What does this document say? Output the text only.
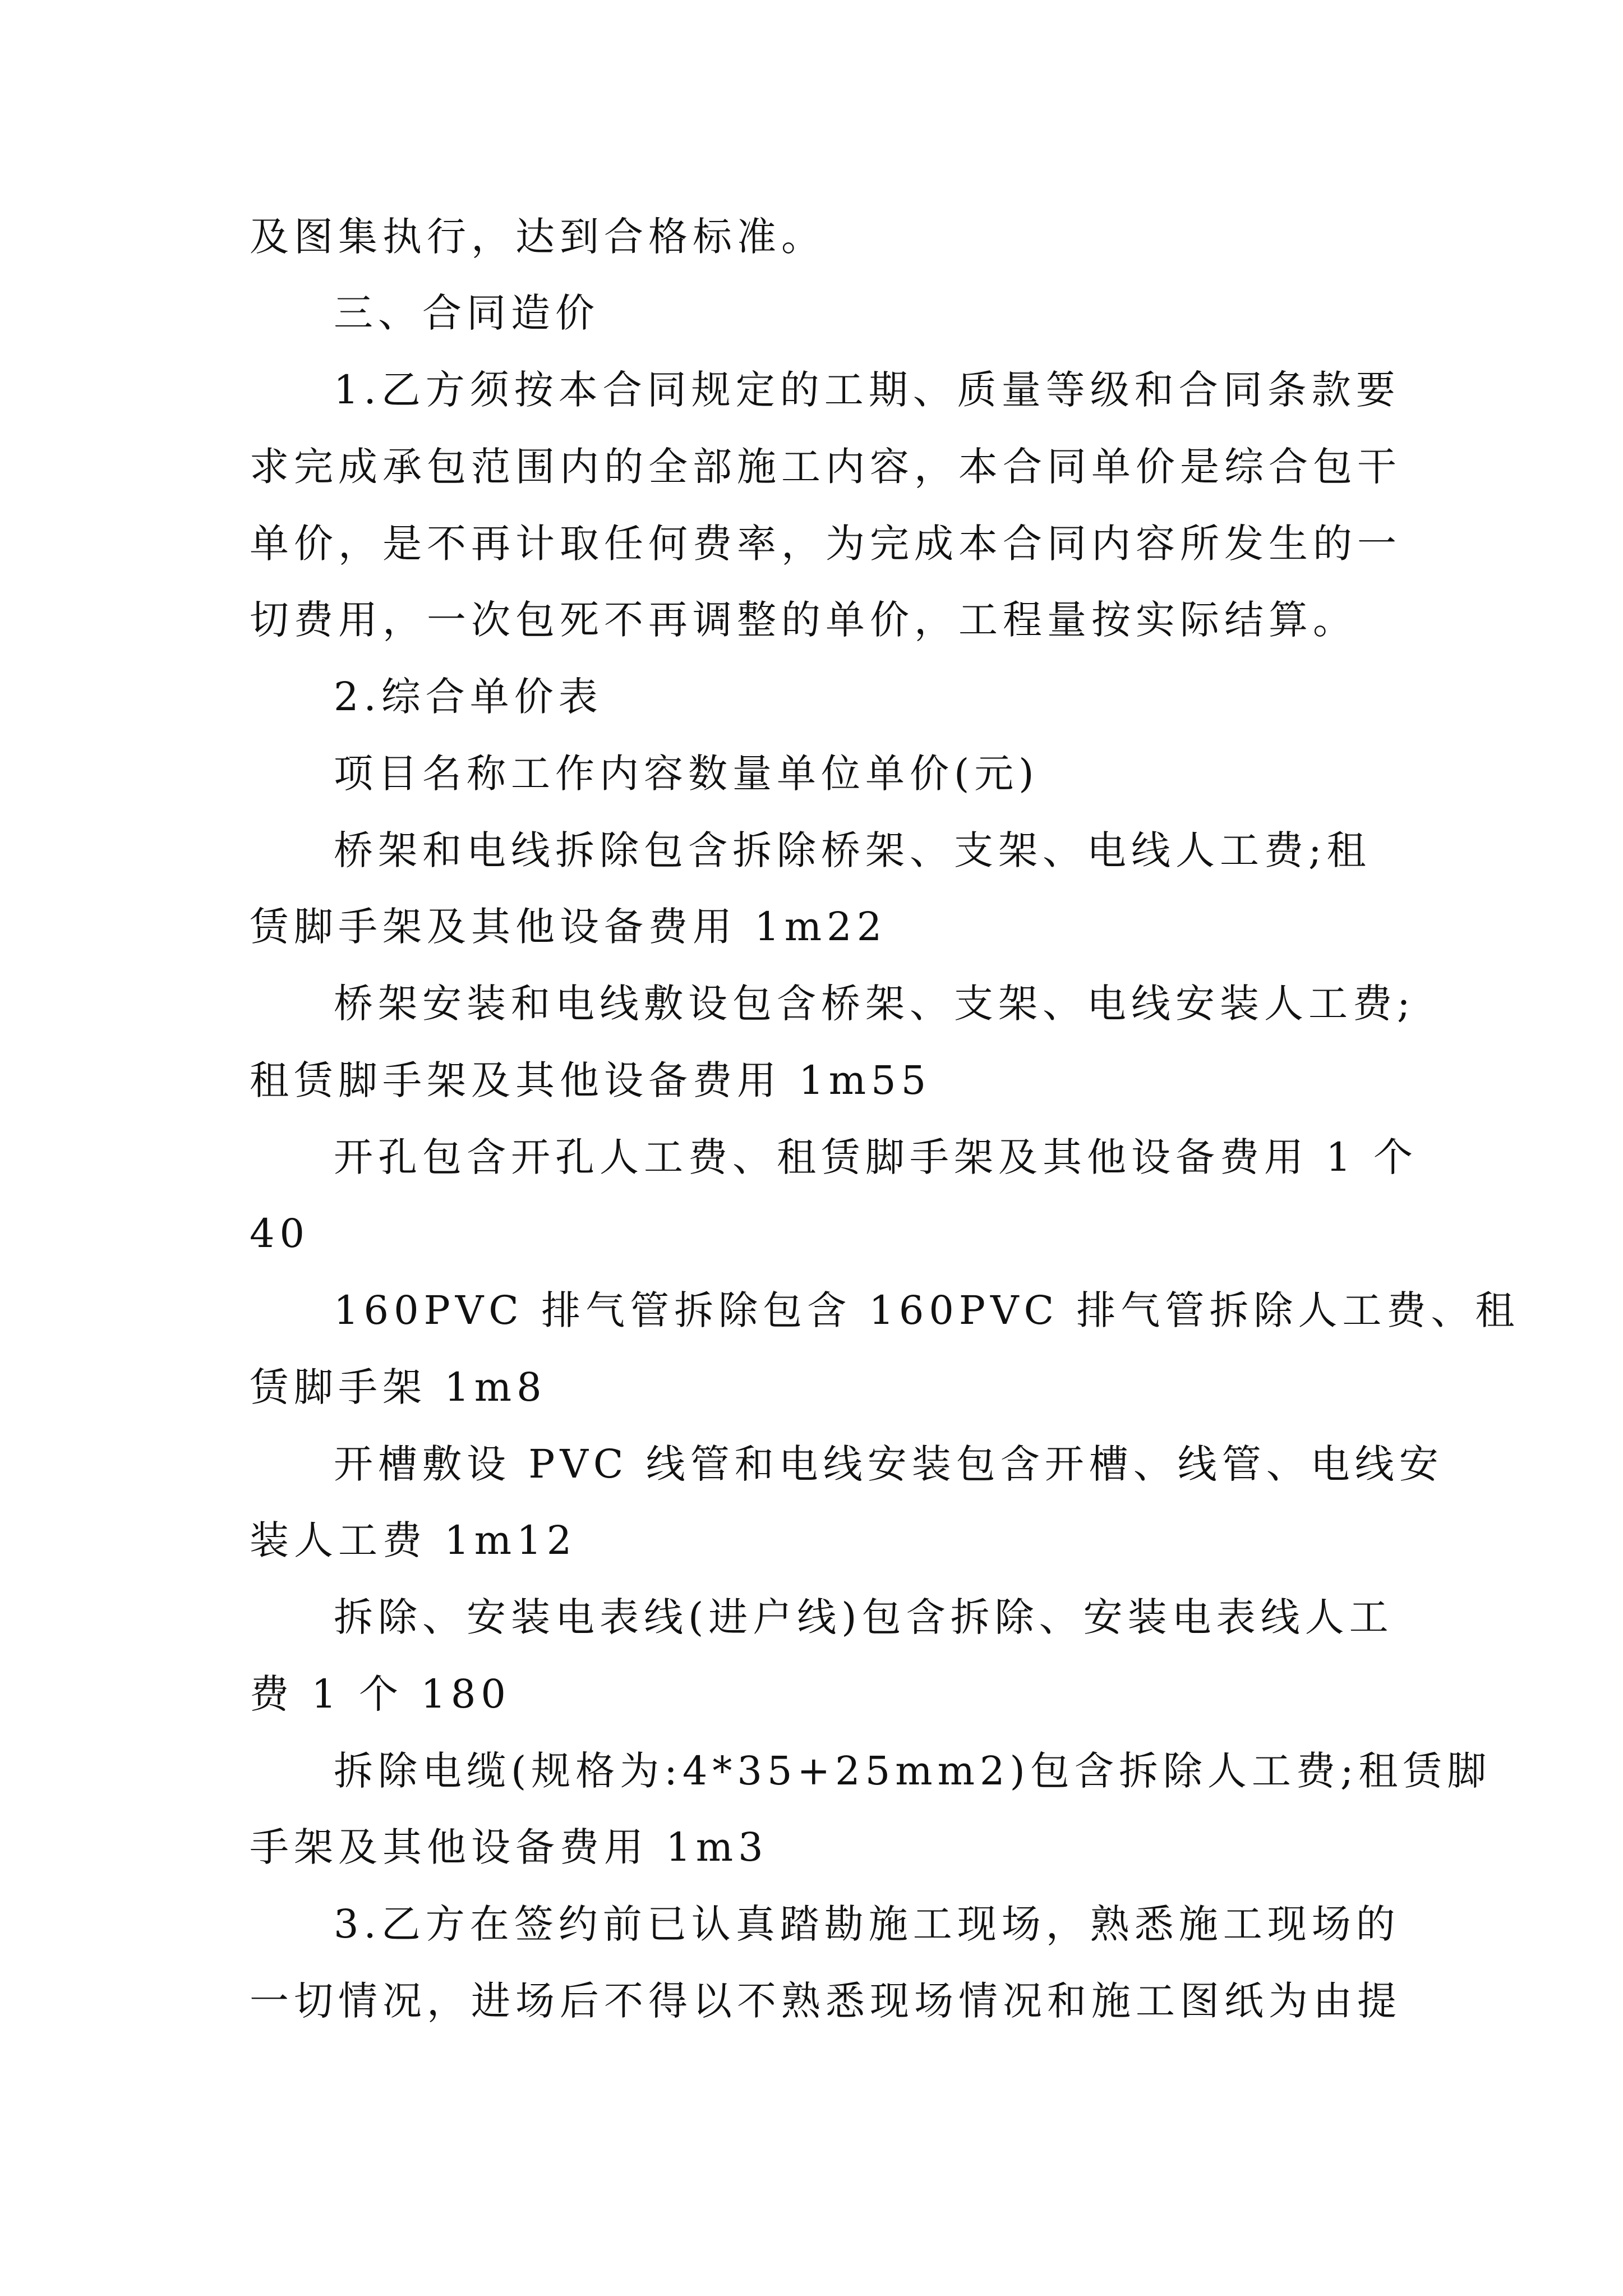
及图集执行，达到合格标准。
三、合同造价
1.乙方须按本合同规定的工期、质量等级和合同条款要
求完成承包范围内的全部施工内容，本合同单价是综合包干
单价，是不再计取任何费率，为完成本合同内容所发生的一
切费用，一次包死不再调整的单价，工程量按实际结算。
2.综合单价表
项目名称工作内容数量单位单价(元)
桥架和电线拆除包含拆除桥架、支架、电线人工费;租
赁脚手架及其他设备费用 1m22
桥架安装和电线敷设包含桥架、支架、电线安装人工费;
租赁脚手架及其他设备费用 1m55
开孔包含开孔人工费、租赁脚手架及其他设备费用 1 个
40
160PVC 排气管拆除包含 160PVC 排气管拆除人工费、租
赁脚手架 1m8
开槽敷设 PVC 线管和电线安装包含开槽、线管、电线安
装人工费 1m12
拆除、安装电表线(进户线)包含拆除、安装电表线人工
费 1 个 180
拆除电缆(规格为:4*35+25mm2)包含拆除人工费;租赁脚
手架及其他设备费用 1m3
3.乙方在签约前已认真踏勘施工现场，熟悉施工现场的
一切情况，进场后不得以不熟悉现场情况和施工图纸为由提
